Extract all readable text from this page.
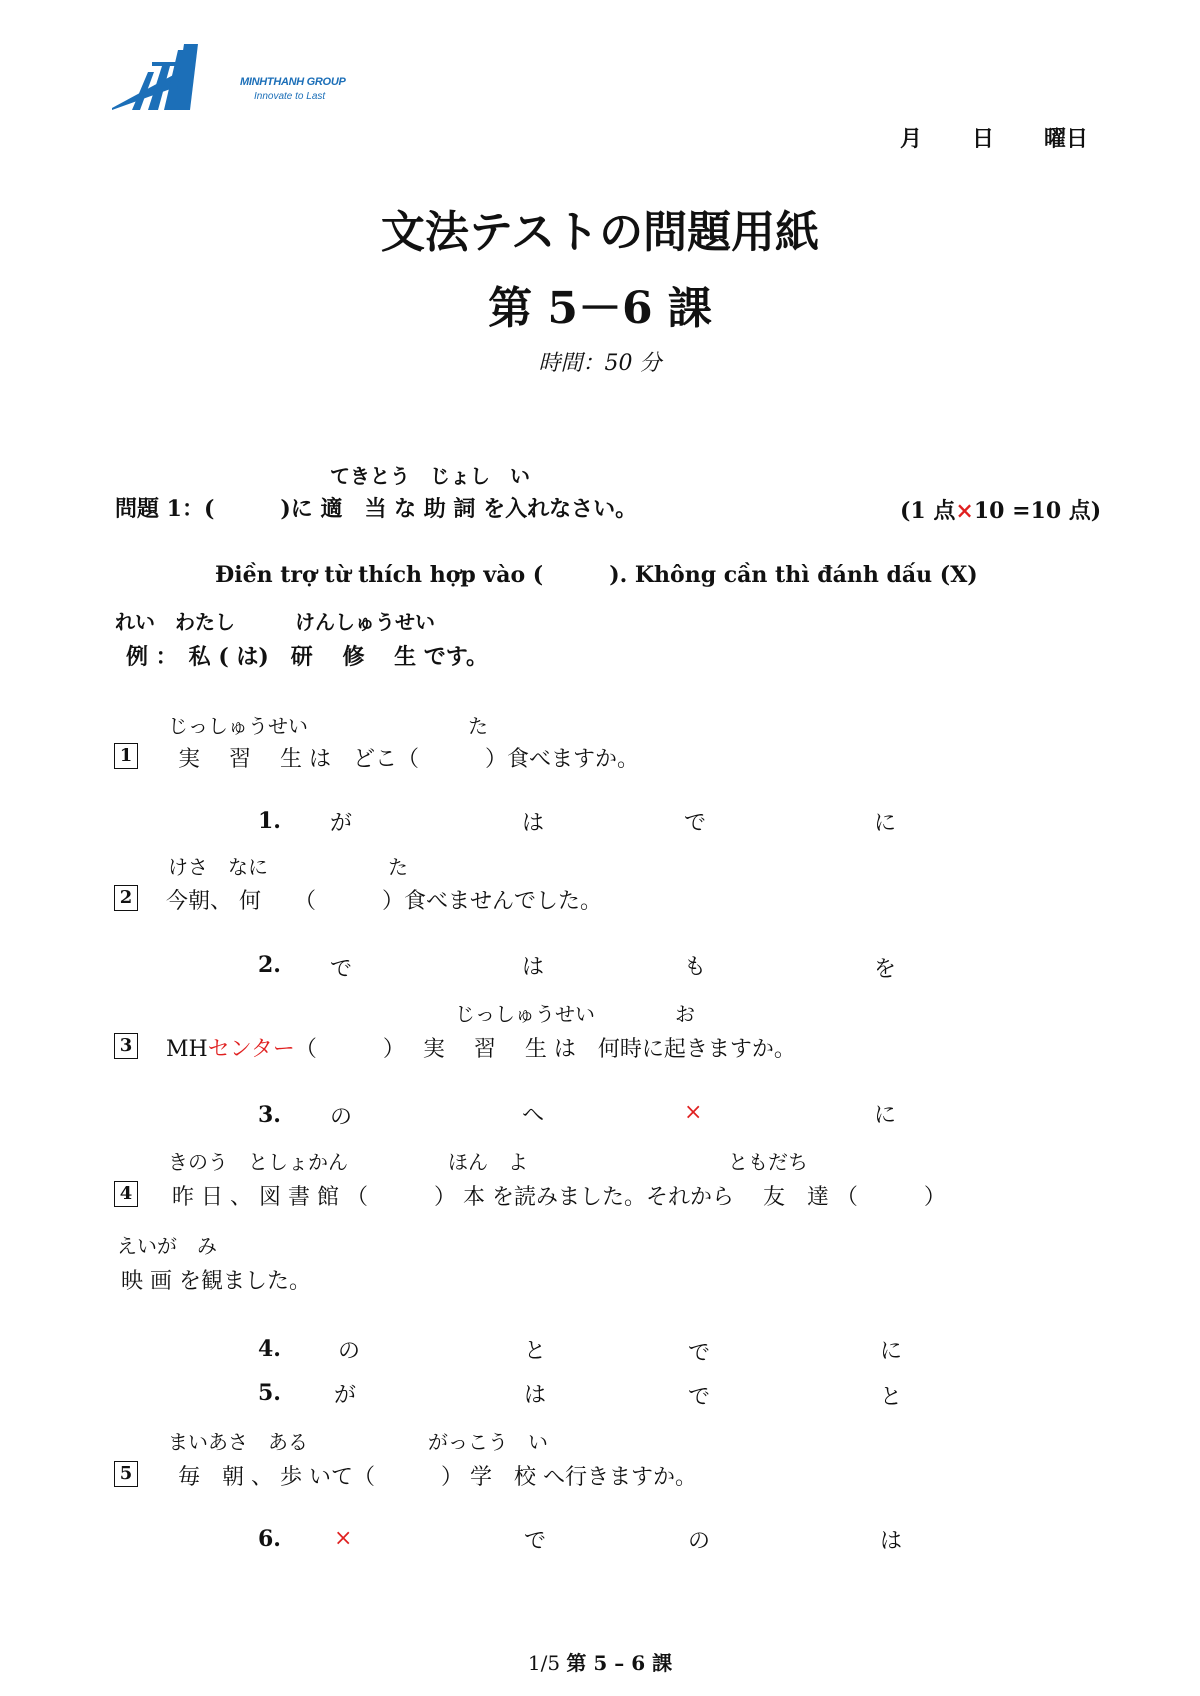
MINHTHANH GROUP
Innovate to Last
月 日 曜日
文法テストの問題用紙
第 5－6 課
時間：50 分
てきとう　じょし　い
問題 1：(　　　)に 適　当 な 助 詞 を入れなさい。	(1 点×10 =10 点)
Điền trợ từ thích hợp vào (　　　). Không cần thì đánh dấu (X)
れい　わたし　　　けんしゅうせい
例 ：　私 ( は)　研　 修　 生 です。
じっしゅうせい　　　　　　　　た
1 実　 習　 生 は　どこ（　　　）食べますか。
1. が	は	で	に
けさ　なに　　　　　　た
2 今朝、 何　　（　　　）食べませんでした。
2. で	は	も	を
じっしゅうせい　　　　お
3 MHセンター（　　　）　 実　 習　 生 は　何時に起きますか。
3. の	へ	×	に
きのう　としょかん　　　　　ほん　よ　　　　　　　　　　ともだち
4 昨 日 、 図 書 館 （　　　） 本 を読みました。それから　 友　達 （　　　）
えいが　み
映 画 を観ました。
4.	の	と	で	に
5. が	は	で	と
まいあさ　ある　　　　　　がっこう　い
5 毎　朝 、 歩 いて（　　　） 学　校 へ行きますか。
6. ×	で	の	は
1/5 第 5 – 6 課
